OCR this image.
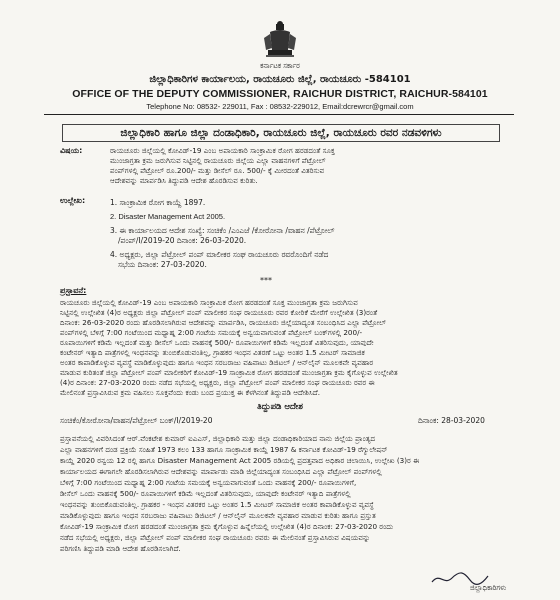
ಕರ್ನಾಟಕ ಸರ್ಕಾರ
ಜಿಲ್ಲಾಧಿಕಾರಿಗಳ ಕಾರ್ಯಾಲಯ, ರಾಯಚೂರು ಜಿಲ್ಲೆ, ರಾಯಚೂರು -584101
OFFICE OF THE DEPUTY COMMISSIONER, RAICHUR DISTRICT, RAICHUR-584101
Telephone No: 08532- 229011, Fax : 08532-229012, Email:dcrewrcr@gmail.com
ಜಿಲ್ಲಾಧಿಕಾರಿ ಹಾಗೂ ಜಿಲ್ಲಾ ದಂಡಾಧಿಕಾರಿ, ರಾಯಚೂರು ಜಿಲ್ಲೆ, ರಾಯಚೂರು ರವರ ನಡವಳಿಗಳು
ವಿಷಯ:	ರಾಯಚೂರು ಜಿಲ್ಲೆಯಲ್ಲಿ ಕೋವಿಡ್-19 ಎಂಬ ಅಪಾಯಕಾರಿ ಸಾಂಕ್ರಾಮಿಕ ರೋಗ ಹರಡದಂತೆ ಸೂಕ್ತ
ಮುಂಜಾಗ್ರತಾ ಕ್ರಮ ಜರುಗಿಸುವ ನಿಟ್ಟಿನಲ್ಲಿ ರಾಯಚೂರು ಜಿಲ್ಲೆಯ ಎಲ್ಲಾ ವಾಹನಗಳಿಗೆ ಪೆಟ್ರೋಲ್
ಪಂಪ್‌ಗಳಲ್ಲಿ ಪೆಟ್ರೋಲ್ ರೂ.200/- ಮತ್ತು ಡೀಸೆಲ್ ರೂ. 500/- ಕ್ಕೆ ಮೀರದಂತೆ ವಿತರಿಸುವ
ಆದೇಶವನ್ನು ಮಾರ್ಪಡಿಸಿ ತಿದ್ದುಪಡಿ ಆದೇಶ ಹೊರಡಿಸುವ ಕುರಿತು.
ಉಲ್ಲೇಖ:	1. ಸಾಂಕ್ರಾಮಿಕ ರೋಗ ಕಾಯ್ದೆ 1897.
2. Disaster Management Act 2005.
3. ಈ ಕಾರ್ಯಾಲಯದ ಆದೇಶ ಸಂಖ್ಯೆ: ಸಂಚಿಕೆಂ /ಎಂಎಜೆ /ಕೋರೋನಾ /ವಾಹನ /ಪೆಟ್ರೋಲ್
/ಪಂಪ್/I/2019-20 ದಿನಾಂಕ: 26-03-2020.
4. ಅಧ್ಯಕ್ಷರು, ಜಿಲ್ಲಾ ಪೆಟ್ರೋಲ್ ಪಂಪ್ ಮಾಲೀಕರ ಸಂಘ ರಾಯಚೂರು ರವರೊಂದಿಗೆ ನಡೆದ
ಸಭೆಯ ದಿನಾಂಕ: 27-03-2020.
***
ಪ್ರಸ್ತಾವನೆ:
ರಾಯಚೂರು ಜಿಲ್ಲೆಯಲ್ಲಿ ಕೋವಿಡ್-19 ಎಂಬ ಅಪಾಯಕಾರಿ ಸಾಂಕ್ರಾಮಿಕ ರೋಗ ಹರಡದಂತೆ ಸೂಕ್ತ ಮುಂಜಾಗ್ರತಾ ಕ್ರಮ ಜರುಗಿಸುವ
ನಿಟ್ಟಿನಲ್ಲಿ ಉಲ್ಲೇಖಿತ (4)ರ ಅಧ್ಯಕ್ಷರು ಜಿಲ್ಲಾ ಪೆಟ್ರೋಲ್ ಪಂಪ್ ಮಾಲೀಕರ ಸಂಘ ರಾಯಚೂರು ರವರ ಕೋರಿಕೆ ಮೇರೆಗೆ ಉಲ್ಲೇಖಿತ (3)ರಂತೆ
ದಿನಾಂಕ: 26-03-2020 ರಂದು ಹೊರಡಿಸಲಾಗಿರುವ ಆದೇಶವನ್ನು ಮಾರ್ಪಡಿಸಿ, ರಾಯಚೂರು ಜಿಲ್ಲೆಯಾದ್ಯಂತ ಸಂಬಂಧಿಸಿದ ಎಲ್ಲಾ ಪೆಟ್ರೋಲ್
ಪಂಪ್‌ಗಳಲ್ಲಿ ಬೆಳಿಗ್ಗೆ 7:00 ಗಂಟೆಯಿಂದ ಮಧ್ಯಾಹ್ನ 2:00 ಗಂಟೆಯ ಸಮಯಕ್ಕೆ ಅನ್ವಯವಾಗುವಂತೆ ಪೆಟ್ರೋಲ್ ಬಂಕ್‌ಗಳಲ್ಲಿ 200/-
ರೂಪಾಯಿಗಳಿಗೆ ಕಡಿಮೆ ಇಲ್ಲದಂತೆ ಮತ್ತು ಡೀಸೆಲ್ ಒಂದು ವಾಹನಕ್ಕೆ 500/- ರೂಪಾಯಿಗಳಿಗೆ ಕಡಿಮೆ ಇಲ್ಲದಂತೆ ವಿತರಿಸುವುದು, ಯಾವುದೇ
ಕಂಟೇನರ್ ಇತ್ಯಾದಿ ಪಾತ್ರೆಗಳಲ್ಲಿ ಇಂಧನವನ್ನು ತುಂಬಿಕೊಡುವಂತಿಲ್ಲ, ಗ್ರಾಹಕರ ಇಂಧನ ವಿತರಣೆ ಒಟ್ಟು ಅಂತರ 1.5 ಮೀಟರ್ ಸಾಮಾಜಿಕ
ಅಂತರ ಕಾಪಾಡಿಕೊಳ್ಳುವ ವ್ಯವಸ್ಥೆ ಮಾಡಿಕೊಳ್ಳುವುದು ಹಾಗೂ ಇಂಧನ ಸರಬರಾಜು ವಹಿವಾಟು ಡಿಜಿಟಲ್ / ಆನ್‌ಲೈನ್ ಮೂಲಕವೇ ವ್ಯವಹಾರ
ಮಾಡುವ ಕುರಿತಂತೆ ಜಿಲ್ಲಾ ಪೆಟ್ರೋಲ್ ಪಂಪ್ ಮಾಲೀಕರಿಗೆ ಕೋವಿಡ್-19 ಸಾಂಕ್ರಾಮಿಕ ರೋಗ ಹರಡದಂತೆ ಮುಂಜಾಗ್ರತಾ ಕ್ರಮ ಕೈಗೊಳ್ಳುವ ಉಲ್ಲೇಖಿತ
(4)ರ ದಿನಾಂಕ: 27-03-2020 ರಂದು ನಡೆದ ಸಭೆಯಲ್ಲಿ ಅಧ್ಯಕ್ಷರು, ಜಿಲ್ಲಾ ಪೆಟ್ರೋಲ್ ಪಂಪ್ ಮಾಲೀಕರ ಸಂಘ ರಾಯಚೂರು ರವರ ಈ
ಮೇಲಿನಂತೆ ಪ್ರಸ್ತಾವಿಸಿರುವ ಕ್ರಮ ವಹಿಸಲು ಸೂಕ್ತವೆಂದು ಕಂಡು ಬಂದ ಪ್ರಯುಕ್ತ ಈ ಕೆಳಗಿನಂತೆ ತಿದ್ದುಪಡಿ ಆದೇಶಿಸಿದೆ.
ತಿದ್ದುಪಡಿ ಆದೇಶ
ಸಂಚಿಕೆಂ/ಕೋರೋನಾ/ವಾಹನ/ಪೆಟ್ರೋಲ್ ಬಂಕ್/I/2019-20	ದಿನಾಂಕ: 28-03-2020
ಪ್ರಸ್ತಾವನೆಯಲ್ಲಿ ವಿವರಿಸಿದಂತೆ ಆರ್.ವೆಂಕಟೇಶ ಕುಮಾರ್ ಐಎಎಸ್, ಜಿಲ್ಲಾಧಿಕಾರಿ ಮತ್ತು ಜಿಲ್ಲಾ ದಂಡಾಧಿಕಾರಿಯಾದ ನಾನು ಜಿಲ್ಲೆಯ ಪ್ರಾಂತ್ಯದ
ಎಲ್ಲಾ ವಾಹನಗಳಿಗೆ ದಂಡ ಪ್ರಕ್ರಿಯೆ ಸಂಹಿತೆ 1973 ಕಲಂ 133 ಹಾಗೂ ಸಾಂಕ್ರಾಮಿಕ ಕಾಯ್ದೆ 1987 & ಕರ್ನಾಟಕ ಕೋವಿಡ್-19 ರೆಗ್ಯುಲೇಷನ್
ಕಾಯ್ದೆ 2020 ರನ್ವಯ 12 ರಲ್ಲಿ ಹಾಗೂ Disaster Management Act 2005 ರಡಿಯಲ್ಲಿ ಪ್ರದತ್ತವಾದ ಅಧಿಕಾರ ಚಲಾಯಿಸಿ, ಉಲ್ಲೇಖ (3)ರ ಈ
ಕಾರ್ಯಾಲಯದ ಈಗಾಗಲೇ ಹೊರಡಿಸಲಾಗಿರುವ ಆದೇಶವನ್ನು ಮಾರ್ಪಾಡು ಮಾಡಿ ಜಿಲ್ಲೆಯಾದ್ಯಂತ ಸಂಬಂಧಿಸಿದ ಎಲ್ಲಾ ಪೆಟ್ರೋಲ್ ಪಂಪ್‌ಗಳಲ್ಲಿ
ಬೆಳಿಗ್ಗೆ 7:00 ಗಂಟೆಯಿಂದ ಮಧ್ಯಾಹ್ನ 2:00 ಗಂಟೆಯ ಸಮಯಕ್ಕೆ ಅನ್ವಯವಾಗುವಂತೆ ಒಂದು ವಾಹನಕ್ಕೆ 200/- ರೂಪಾಯಿಗಳಿಗೆ,
ಡೀಸೆಲ್ ಒಂದು ವಾಹನಕ್ಕೆ 500/- ರೂಪಾಯಿಗಳಿಗೆ ಕಡಿಮೆ ಇಲ್ಲದಂತೆ ವಿತರಿಸುವುದು, ಯಾವುದೇ ಕಂಟೇನರ್ ಇತ್ಯಾದಿ ಪಾತ್ರೆಗಳಲ್ಲಿ
ಇಂಧನವನ್ನು ತುಂಬಿಕೊಡುವಂತಿಲ್ಲ. ಗ್ರಾಹಕರ - ಇಂಧನ ವಿತರಕರ ಒಟ್ಟು ಅಂತರ 1.5 ಮೀಟರ್ ಸಾಮಾಜಿಕ ಅಂತರ ಕಾಪಾಡಿಕೊಳ್ಳುವ ವ್ಯವಸ್ಥೆ
ಮಾಡಿಕೊಳ್ಳುವುದು ಹಾಗೂ ಇಂಧನ ಸರಬರಾಜು ವಹಿವಾಟು ಡಿಜಿಟಲ್ / ಆನ್‌ಲೈನ್ ಮೂಲಕವೇ ವ್ಯವಹಾರ ಮಾಡುವ ಕುರಿತು ಹಾಗೂ ಪ್ರಸ್ತುತ
ಕೋವಿಡ್-19 ಸಾಂಕ್ರಾಮಿಕ ರೋಗ ಹರಡದಂತೆ ಮುಂಜಾಗ್ರತಾ ಕ್ರಮ ಕೈಗೊಳ್ಳುವ ಹಿನ್ನೆಲೆಯಲ್ಲಿ ಉಲ್ಲೇಖಿತ (4)ರ ದಿನಾಂಕ: 27-03-2020 ರಂದು
ನಡೆದ ಸಭೆಯಲ್ಲಿ ಅಧ್ಯಕ್ಷರು, ಜಿಲ್ಲಾ ಪೆಟ್ರೋಲ್ ಪಂಪ್ ಮಾಲೀಕರ ಸಂಘ ರಾಯಚೂರು ರವರು ಈ ಮೇಲಿನಂತೆ ಪ್ರಸ್ತಾವಿಸಿರುವ ವಿಷಯವನ್ನು
ಪರಿಗಣಿಸಿ ತಿದ್ದುಪಡಿ ಮಾಡಿ ಆದೇಶ ಹೊರಡಿಸಲಾಗಿದೆ.
ಜಿಲ್ಲಾಧಿಕಾರಿಗಳು
